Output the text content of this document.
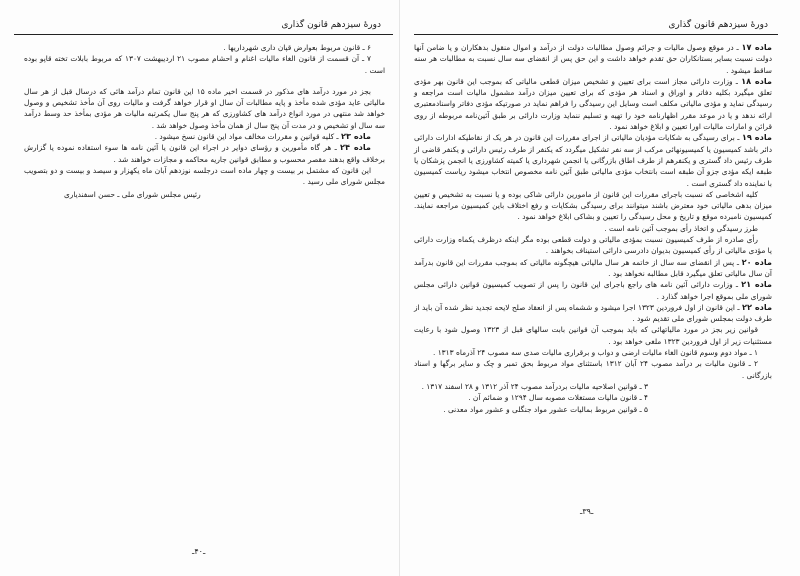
دورهٔ سیزدهم قانون گذاری

۶ ـ قانون مربوط بعوارض قپان داری شهرداریها .

۷ ـ آن قسمت از قانون الغاء مالیات اغنام و احشام مصوب ۲۱ اردیبهشت ۱۳۰۷ که مربوط بابلات تخته قاپو بوده است .

بجز در مورد درآمد های مذکور در قسمت اخیر ماده ۱۵ این قانون تمام درآمد هائی که درسال قبل از هر سال مالیاتی عاید مؤدی شده مأخذ و پایه مطالبات آن سال او قرار خواهد گرفت و مالیات روی آن مأخذ تشخیص و وصول خواهد شد منتهی در مورد انواع درآمد های کشاورزی که هر پنج سال یکمرتبه مالیات هر مؤدی بمأخذ حد وسط درآمد سه سال او تشخیص و در مدت آن پنج سال از همان مأخذ وصول خواهد شد .

ماده ۲۳ ـ کلیه قوانین و مقررات مخالف مواد این قانون نسخ میشود .

ماده ۲۴ ـ هر گاه مأمورین و رؤسای دوایر در اجراء این قانون یا آئین نامه ها سوء استفاده نموده یا گزارش برخلاف واقع بدهند مقصر محسوب و مطابق قوانین جاریه محاکمه و مجازات خواهند شد .

این قانون که مشتمل بر بیست و چهار ماده است درجلسه نوزدهم آبان ماه یکهزار و سیصد و بیست و دو بتصویب مجلس شورای ملی رسید .

رئیس مجلس شورای ملی ـ حسن اسفندیاری
ـ۴۰ـ
دورهٔ سیزدهم قانون گذاری

ماده ۱۷ ـ در موقع وصول مالیات و جرائم وصول مطالبات دولت از درآمد و اموال منقول بدهکاران و یا ضامن آنها دولت نسبت بسایر بستانکاران حق تقدم خواهد داشت و این حق پس از انقضای سه سال نسبت به مطالبات هر سنه ساقط میشود .

ماده ۱۸ ـ وزارت دارائی مجاز است برای تعیین و تشخیص میزان قطعی مالیاتی که بموجب این قانون بهر مؤدی تعلق میگیرد بکلیه دفاتر و اوراق و اسناد هر مؤدی که برای تعیین میزان درآمد مشمول مالیات است مراجعه و رسیدگی نماید و مؤدی مالیاتی مکلف است وسایل این رسیدگی را فراهم نماید در صورتیکه مؤدی دفاتر واسنادمعتبری ارائه ندهد و یا در موعد مقرر اظهارنامه خود را تهیه و تسلیم ننماید وزارت دارائی بر طبق آئین‌نامه مربوطه از روی قرائن و امارات مالیات اورا تعیین و ابلاغ خواهد نمود .

ماده ۱۹ ـ برای رسیدگی به شکایات مؤدیان مالیاتی از اجرای مقررات این قانون در هر یک از نقاطیکه ادارات دارائی دائر باشد کمیسیون یا کمیسیونهائی مرکب از سه نفر تشکیل میگردد که یکنفر از طرف رئیس دارائی و یکنفر قاضی از طرف رئیس داد گستری و یکنفرهم از طرف اطاق بازرگانی یا انجمن شهرداری یا کمیته کشاورزی یا انجمن پزشکان یا طبقه ایکه مؤدی جزو آن طبقه است بانتخاب مؤدی مالیاتی طبق آئین نامه مخصوص انتخاب میشود ریاست کمیسیون با نماینده داد گستری است .

کلیه اشخاصی که نسبت باجرای مقررات این قانون از مامورین دارائی شاکی بوده و یا نسبت به تشخیص و تعیین میزان بدهی مالیاتی خود معترض باشند میتوانند برای رسیدگی بشکایات و رفع اختلاف باین کمیسیون مراجعه نمایند. کمیسیون نامبرده موقع و تاریخ و محل رسیدگی را تعیین و بشاکی ابلاغ خواهد نمود .

طرز رسیدگی و اتخاذ رأی بموجب آئین نامه است .

رأی صادره از طرف کمیسیون نسبت بمؤدی مالیاتی و دولت قطعی بوده مگر اینکه درظرف یکماه وزارت دارائی یا مؤدی مالیاتی از رأی کمیسیون بدیوان دادرسی دارائی استیناف بخواهند .

ماده ۲۰ ـ پس از انقضای سه سال از خاتمه هر سال مالیاتی هیچگونه مالیاتی که بموجب مقررات این قانون بدرآمد آن سال مالیاتی تعلق میگیرد قابل مطالبه نخواهد بود .

ماده ۲۱ ـ وزارت دارائی آئین نامه های راجع باجرای این قانون را پس از تصویب کمیسیون قوانین دارائی مجلس شورای ملی بموقع اجرا خواهد گذارد .

ماده ۲۲ ـ این قانون از اول فروردین ۱۳۲۳ اجرا میشود و ششماه پس از انعقاد صلح لایحه تجدید نظر شده آن باید از طرف دولت بمجلس شورای ملی تقدیم شود .

قوانین زیر بجز در مورد مالیاتهائی که باید بموجب آن قوانین بابت سالهای قبل از ۱۳۲۳ وصول شود با رعایت مستثنیات زیر از اول فروردین ۱۳۲۳ ملغی خواهد بود .

۱ ـ مواد دوم وسوم قانون الغاء مالیات ارضی و دواب و برقراری مالیات صدی سه مصوب ۲۴ آذرماه ۱۳۱۳ .

۲ ـ قانون مالیات بر درآمد مصوب ۲۴ آبان ۱۳۱۲ باستثنای مواد مربوط بحق تمبر و چک و سایر برگها و اسناد بازرگانی .

۳ ـ قوانین اصلاحیه مالیات بردرآمد مصوب ۲۴ آذر ۱۳۱۲ و ۲۸ اسفند ۱۳۱۷ .

۴ ـ قانون مالیات مستغلات مصوبه سال ۱۲۹۴ و ضمائم آن .

۵ ـ قوانین مربوط بمالیات عشور مواد جنگلی و عشور مواد معدنی .

ـ۳۹ـ
